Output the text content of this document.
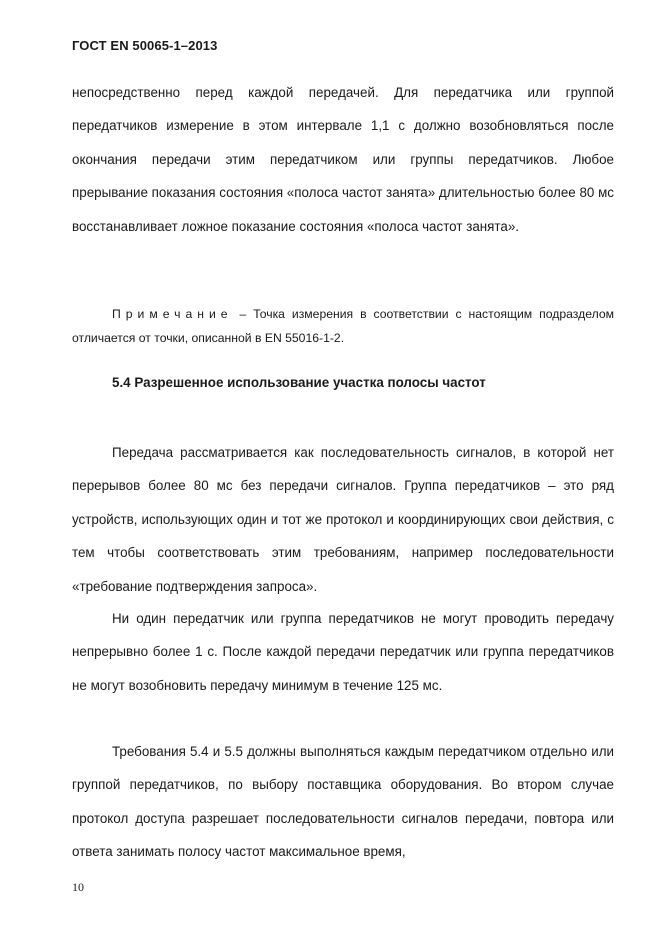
ГОСТ EN 50065-1–2013

непосредственно перед каждой передачей. Для передатчика или группой передатчиков измерение в этом интервале 1,1 с должно возобновляться после окончания передачи этим передатчиком или группы передатчиков. Любое прерывание показания состояния «полоса частот занята» длительностью более 80 мс восстанавливает ложное показание состояния «полоса частот занята».

Примечание – Точка измерения в соответствии с настоящим подразделом отличается от точки, описанной в EN 55016-1-2.

5.4 Разрешенное использование участка полосы частот

Передача рассматривается как последовательность сигналов, в которой нет перерывов более 80 мс без передачи сигналов. Группа передатчиков – это ряд устройств, использующих один и тот же протокол и координирующих свои действия, с тем чтобы соответствовать этим требованиям, например последовательности «требование подтверждения запроса».

Ни один передатчик или группа передатчиков не могут проводить передачу непрерывно более 1 с. После каждой передачи передатчик или группа передатчиков не могут возобновить передачу минимум в течение 125 мс.

Требования 5.4 и 5.5 должны выполняться каждым передатчиком отдельно или группой передатчиков, по выбору поставщика оборудования. Во втором случае протокол доступа разрешает последовательности сигналов передачи, повтора или ответа занимать полосу частот максимальное время,

10
